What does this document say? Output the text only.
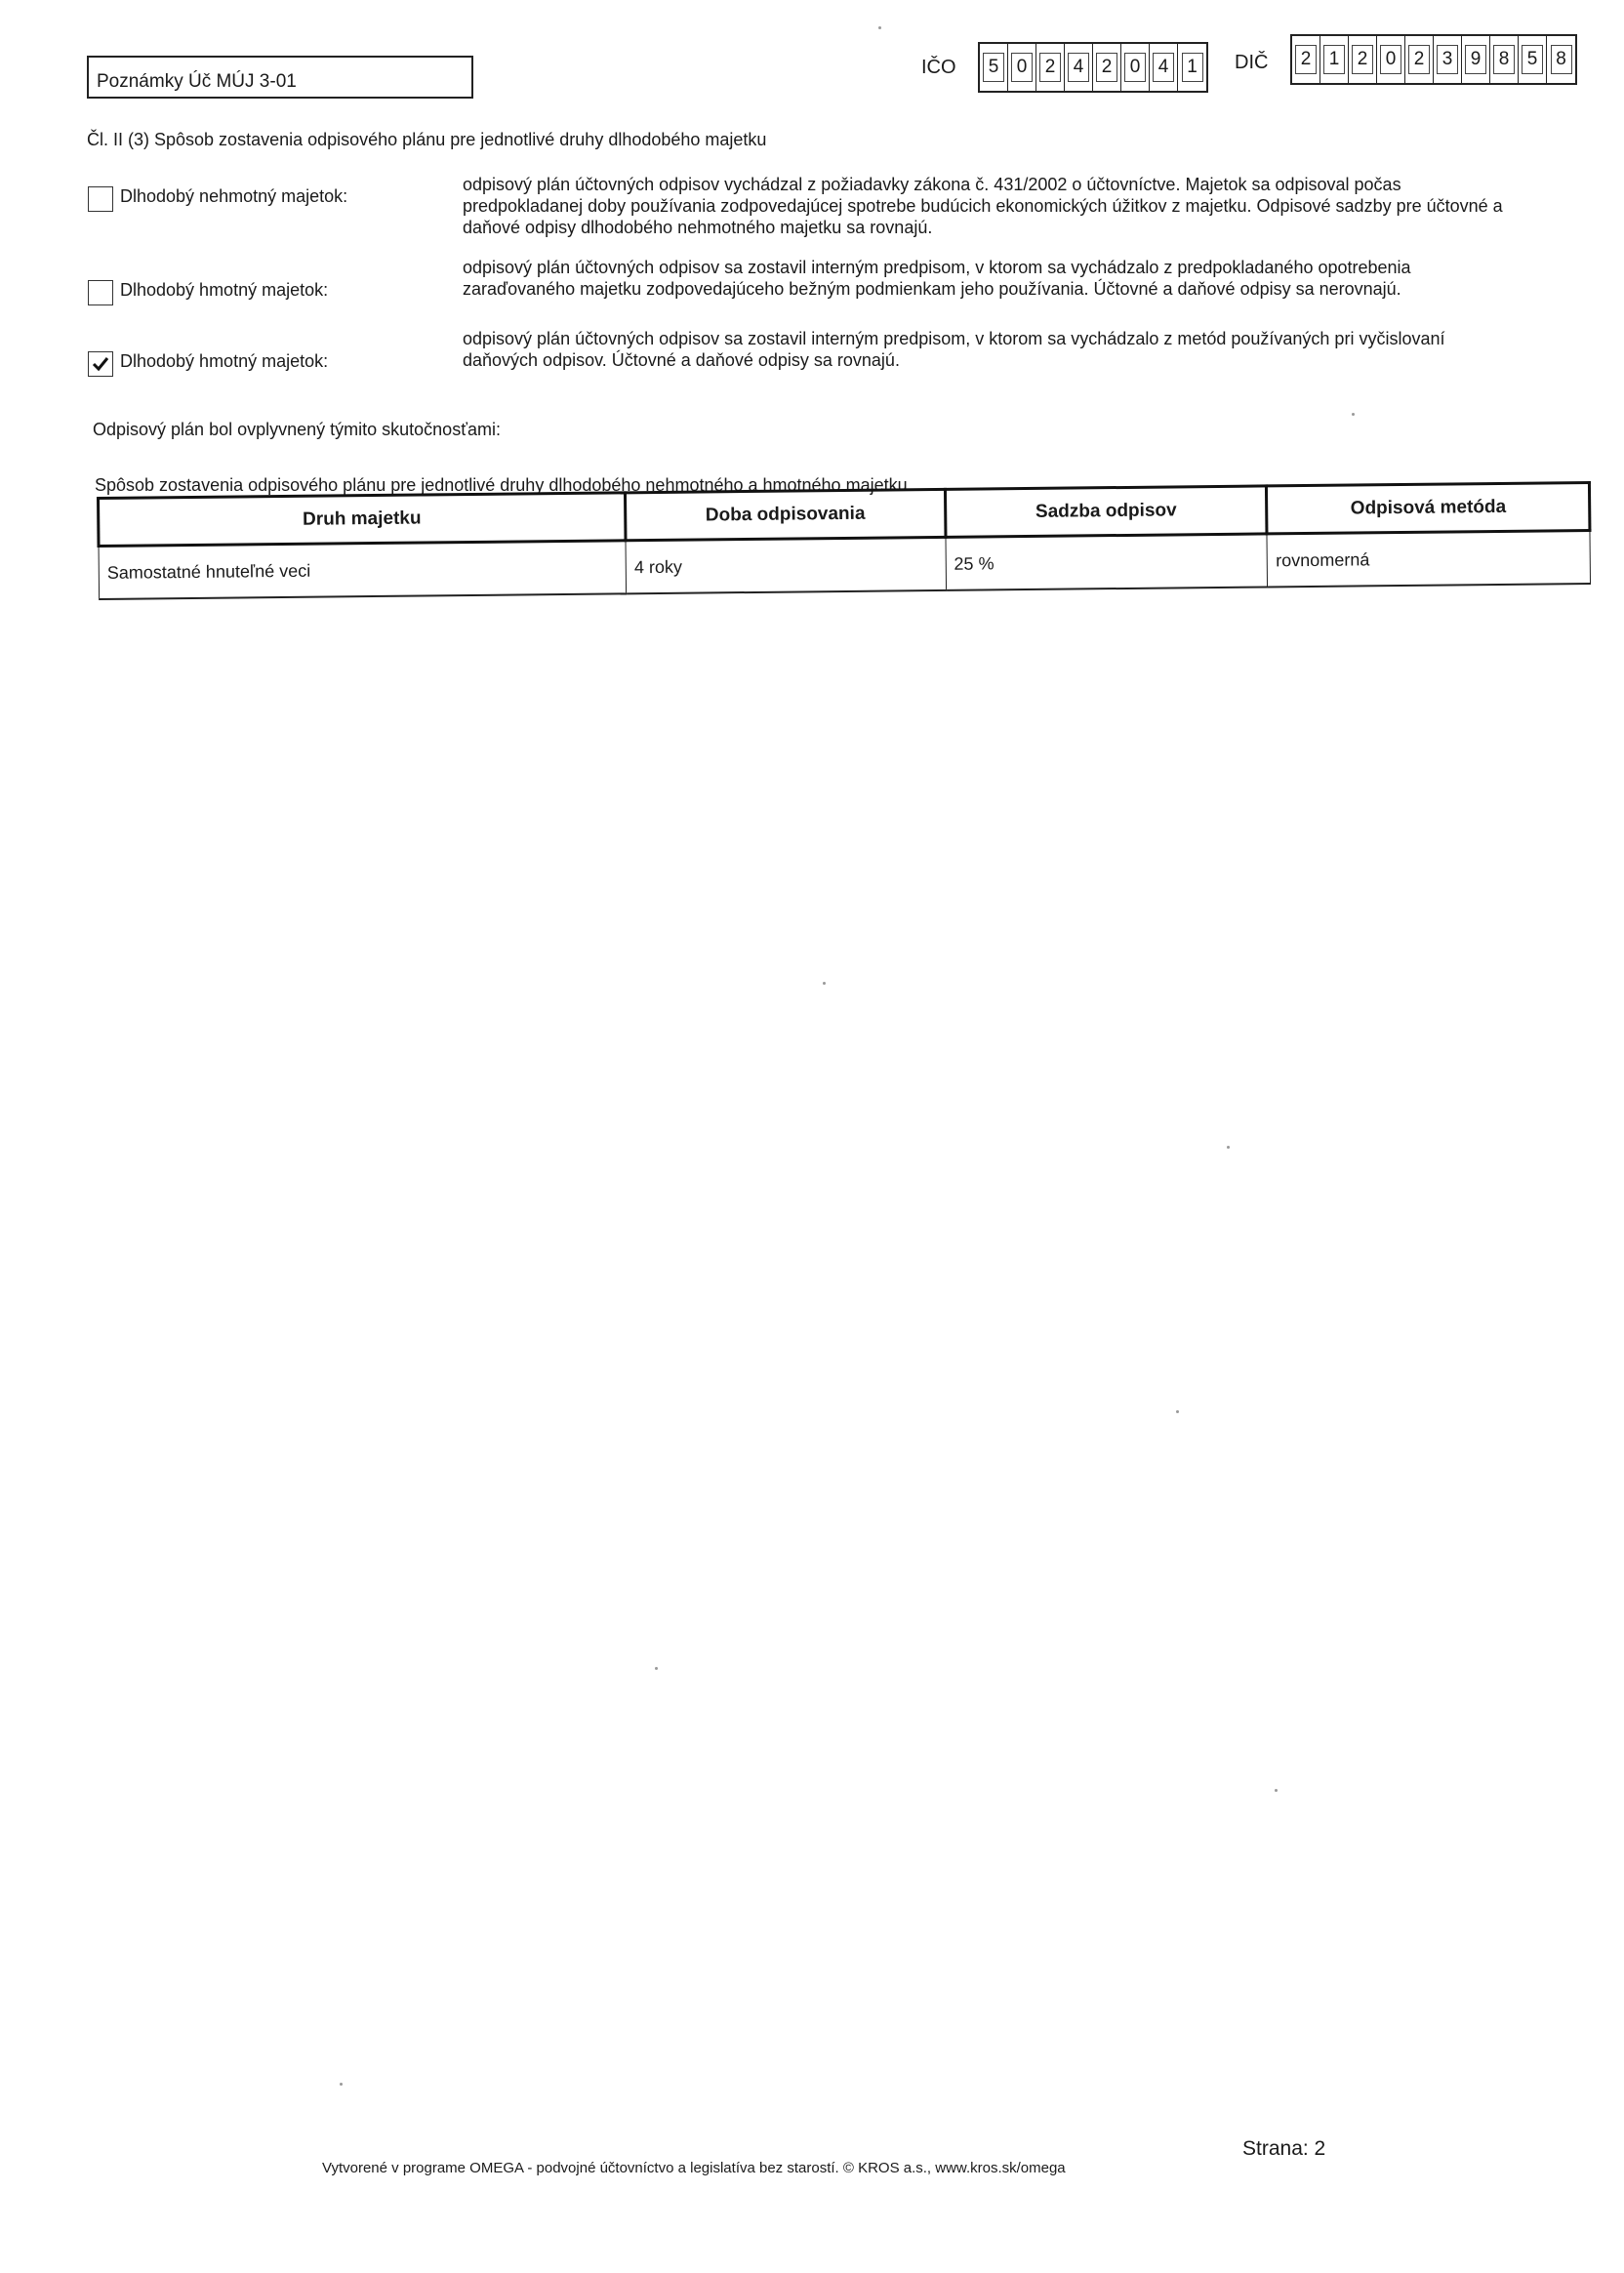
Poznámky Úč MÚJ 3-01
IČO	5 0 2 4 2 0 4 1 DIČ	2 1 2 0 2 3 9 8 5 8
Čl. II (3) Spôsob zostavenia odpisového plánu pre jednotlivé druhy dlhodobého majetku
Dlhodobý nehmotný majetok:
odpisový plán účtovných odpisov vychádzal z požiadavky zákona č. 431/2002 o účtovníctve. Majetok sa odpisoval počas predpokladanej doby používania zodpovedajúcej spotrebe budúcich ekonomických úžitkov z majetku. Odpisové sadzby pre účtovné a daňové odpisy dlhodobého nehmotného majetku sa rovnajú.
Dlhodobý hmotný majetok:
odpisový plán účtovných odpisov sa zostavil interným predpisom, v ktorom sa vychádzalo z predpokladaného opotrebenia zaraďovaného majetku zodpovedajúceho bežným podmienkam jeho používania. Účtovné a daňové odpisy sa nerovnajú.
Dlhodobý hmotný majetok:
odpisový plán účtovných odpisov sa zostavil interným predpisom, v ktorom sa vychádzalo z metód používaných pri vyčislovaní daňových odpisov. Účtovné a daňové odpisy sa rovnajú.
Odpisový plán bol ovplyvnený týmito skutočnosťami:
Spôsob zostavenia odpisového plánu pre jednotlivé druhy dlhodobého nehmotného a hmotného majetku
Druh majetku	Doba odpisovania	Sadzba odpisov	Odpisová metóda
Samostatné hnuteľné veci	4 roky	25 %	rovnomerná
Vytvorené v programe OMEGA - podvojné účtovníctvo a legislatíva bez starostí. © KROS a.s., www.kros.sk/omega
Strana: 2
